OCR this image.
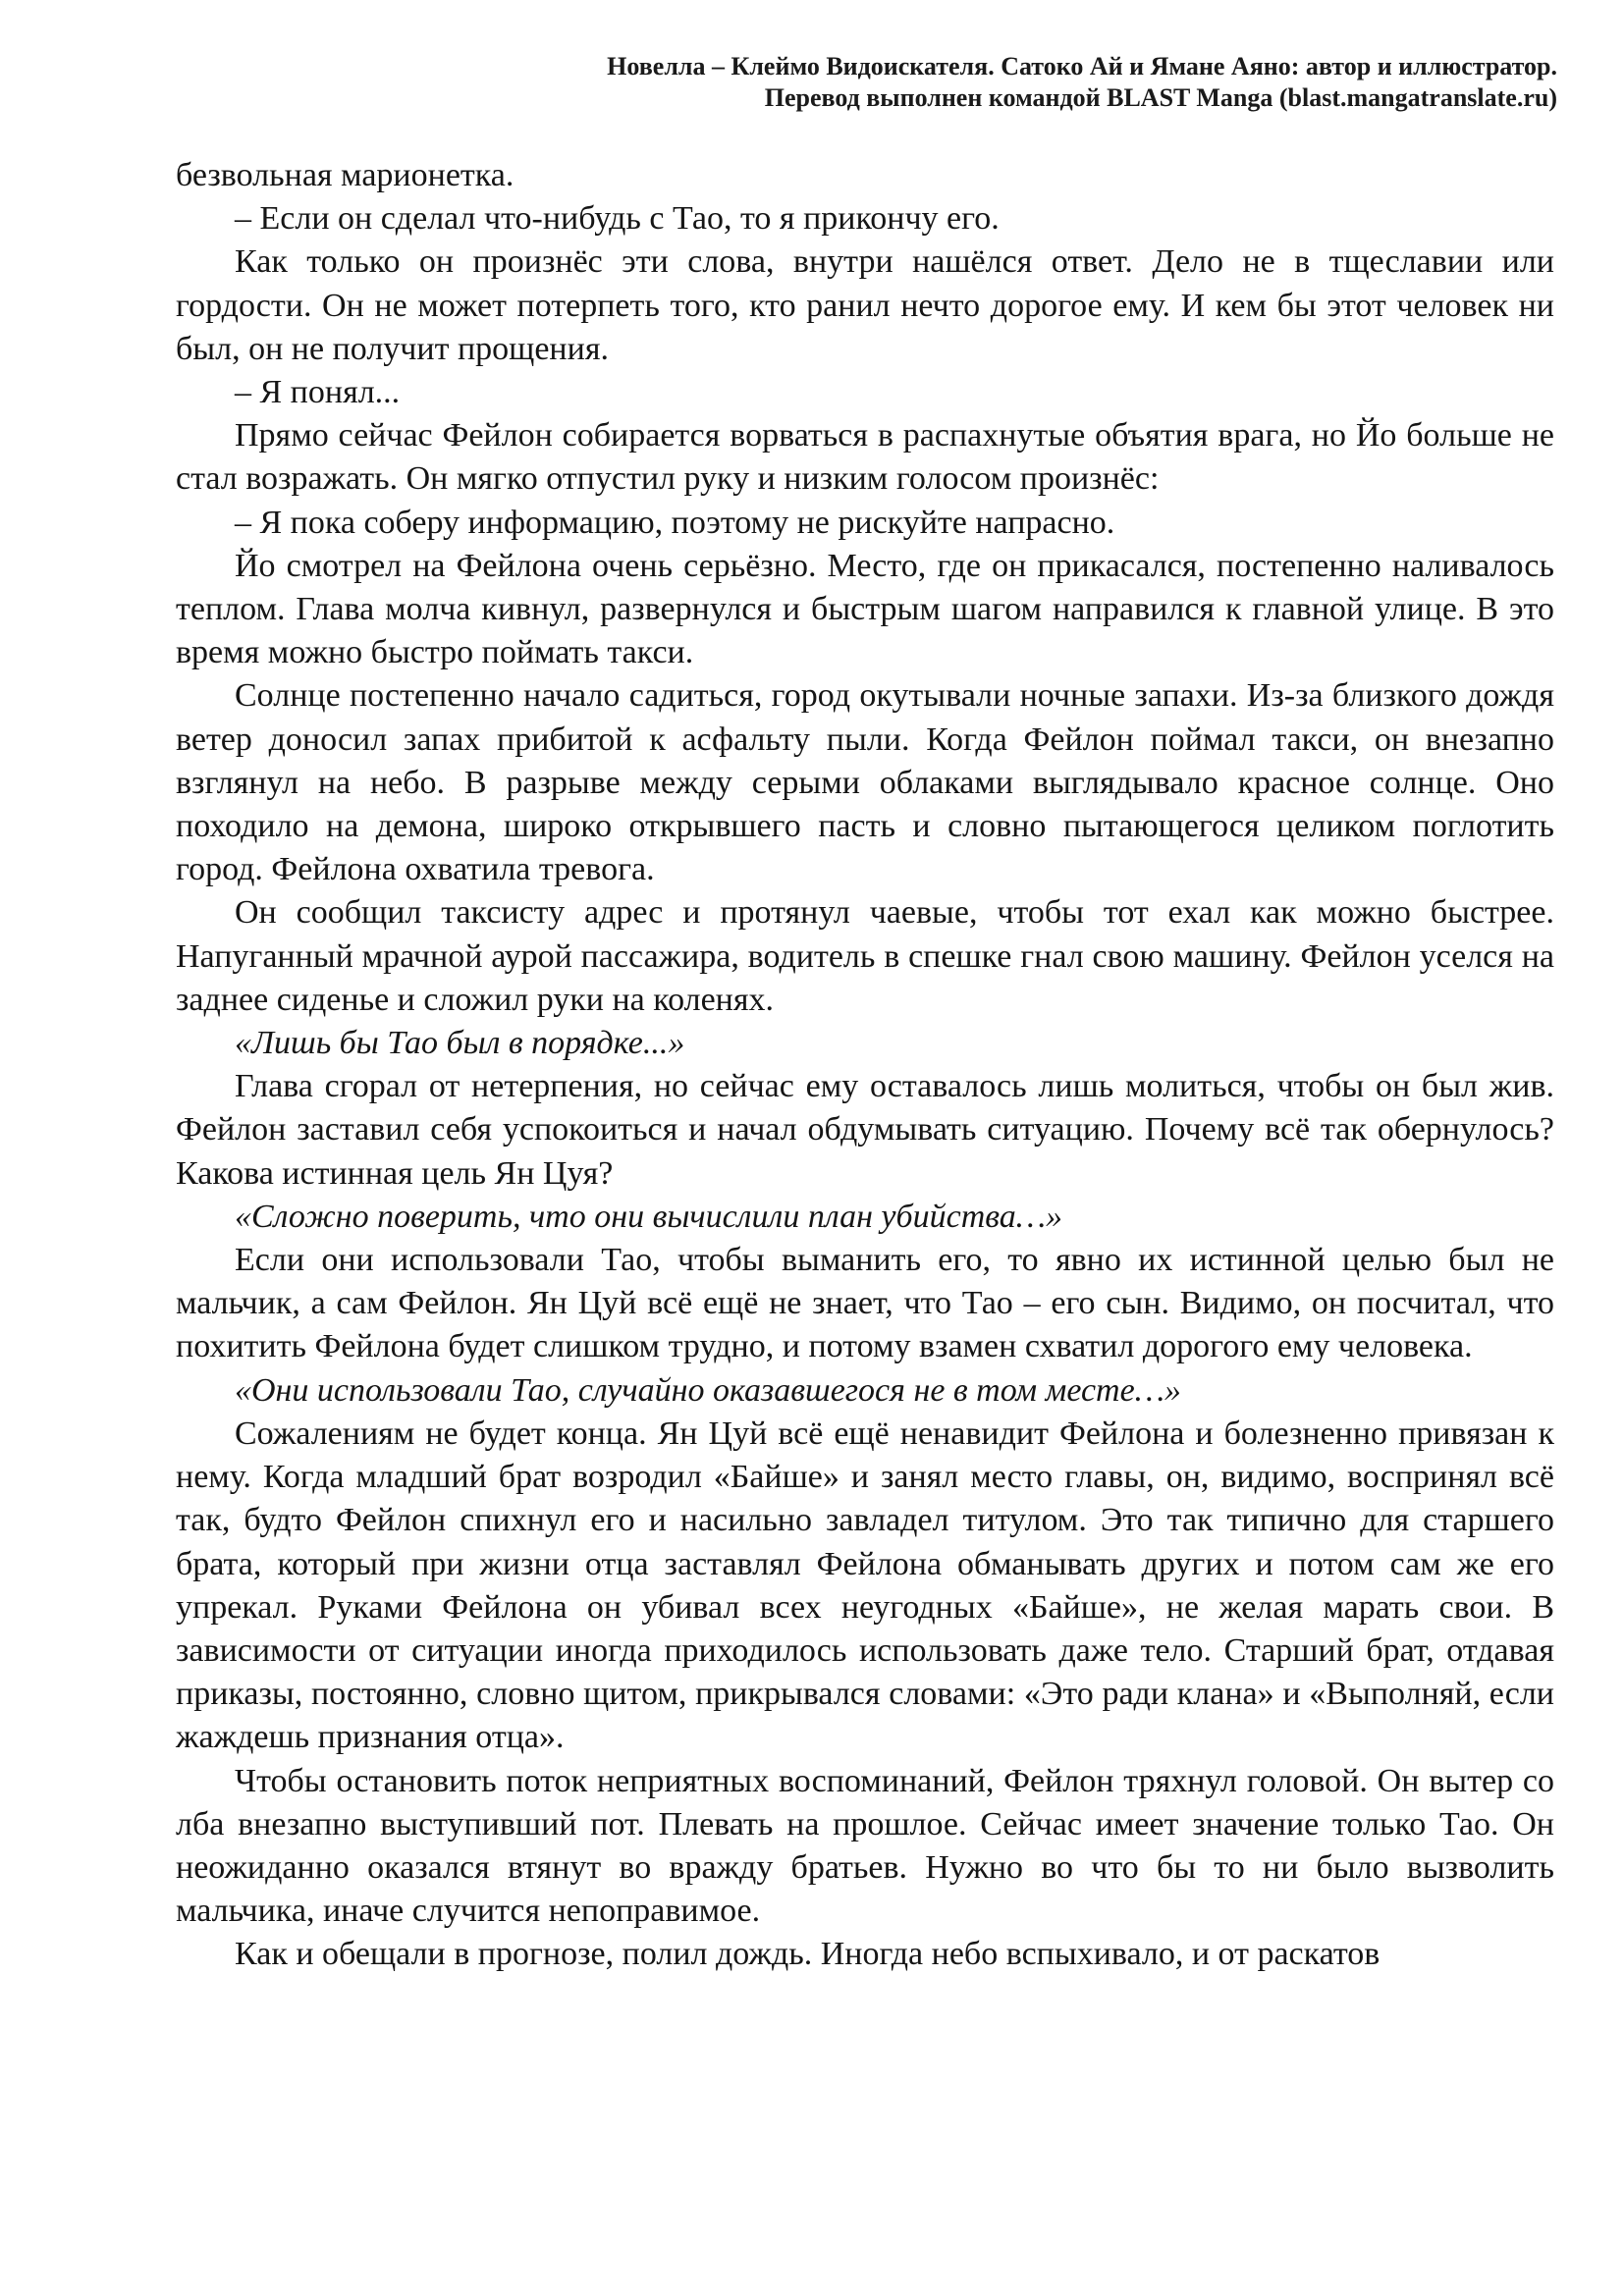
Новелла – Клеймо Видоискателя. Сатоко Ай и Ямане Аяно: автор и иллюстратор.
Перевод выполнен командой BLAST Manga (blast.mangatranslate.ru)

безвольная марионетка.

– Если он сделал что-нибудь с Тао, то я прикончу его.

Как только он произнёс эти слова, внутри нашёлся ответ. Дело не в тщеславии или гордости. Он не может потерпеть того, кто ранил нечто дорогое ему. И кем бы этот человек ни был, он не получит прощения.

– Я понял...

Прямо сейчас Фейлон собирается ворваться в распахнутые объятия врага, но Йо больше не стал возражать. Он мягко отпустил руку и низким голосом произнёс:

– Я пока соберу информацию, поэтому не рискуйте напрасно.

Йо смотрел на Фейлона очень серьёзно. Место, где он прикасался, постепенно наливалось теплом. Глава молча кивнул, развернулся и быстрым шагом направился к главной улице. В это время можно быстро поймать такси.

Солнце постепенно начало садиться, город окутывали ночные запахи. Из-за близкого дождя ветер доносил запах прибитой к асфальту пыли. Когда Фейлон поймал такси, он внезапно взглянул на небо. В разрыве между серыми облаками выглядывало красное солнце. Оно походило на демона, широко открывшего пасть и словно пытающегося целиком поглотить город. Фейлона охватила тревога.

Он сообщил таксисту адрес и протянул чаевые, чтобы тот ехал как можно быстрее. Напуганный мрачной аурой пассажира, водитель в спешке гнал свою машину. Фейлон уселся на заднее сиденье и сложил руки на коленях.

«Лишь бы Тао был в порядке...»

Глава сгорал от нетерпения, но сейчас ему оставалось лишь молиться, чтобы он был жив. Фейлон заставил себя успокоиться и начал обдумывать ситуацию. Почему всё так обернулось? Какова истинная цель Ян Цуя?

«Сложно поверить, что они вычислили план убийства…»

Если они использовали Тао, чтобы выманить его, то явно их истинной целью был не мальчик, а сам Фейлон. Ян Цуй всё ещё не знает, что Тао – его сын. Видимо, он посчитал, что похитить Фейлона будет слишком трудно, и потому взамен схватил дорогого ему человека.

«Они использовали Тао, случайно оказавшегося не в том месте…»

Сожалениям не будет конца. Ян Цуй всё ещё ненавидит Фейлона и болезненно привязан к нему. Когда младший брат возродил «Байше» и занял место главы, он, видимо, воспринял всё так, будто Фейлон спихнул его и насильно завладел титулом. Это так типично для старшего брата, который при жизни отца заставлял Фейлона обманывать других и потом сам же его упрекал. Руками Фейлона он убивал всех неугодных «Байше», не желая марать свои. В зависимости от ситуации иногда приходилось использовать даже тело. Старший брат, отдавая приказы, постоянно, словно щитом, прикрывался словами: «Это ради клана» и «Выполняй, если жаждешь признания отца».

Чтобы остановить поток неприятных воспоминаний, Фейлон тряхнул головой. Он вытер со лба внезапно выступивший пот. Плевать на прошлое. Сейчас имеет значение только Тао. Он неожиданно оказался втянут во вражду братьев. Нужно во что бы то ни было вызволить мальчика, иначе случится непоправимое.

Как и обещали в прогнозе, полил дождь. Иногда небо вспыхивало, и от раскатов
